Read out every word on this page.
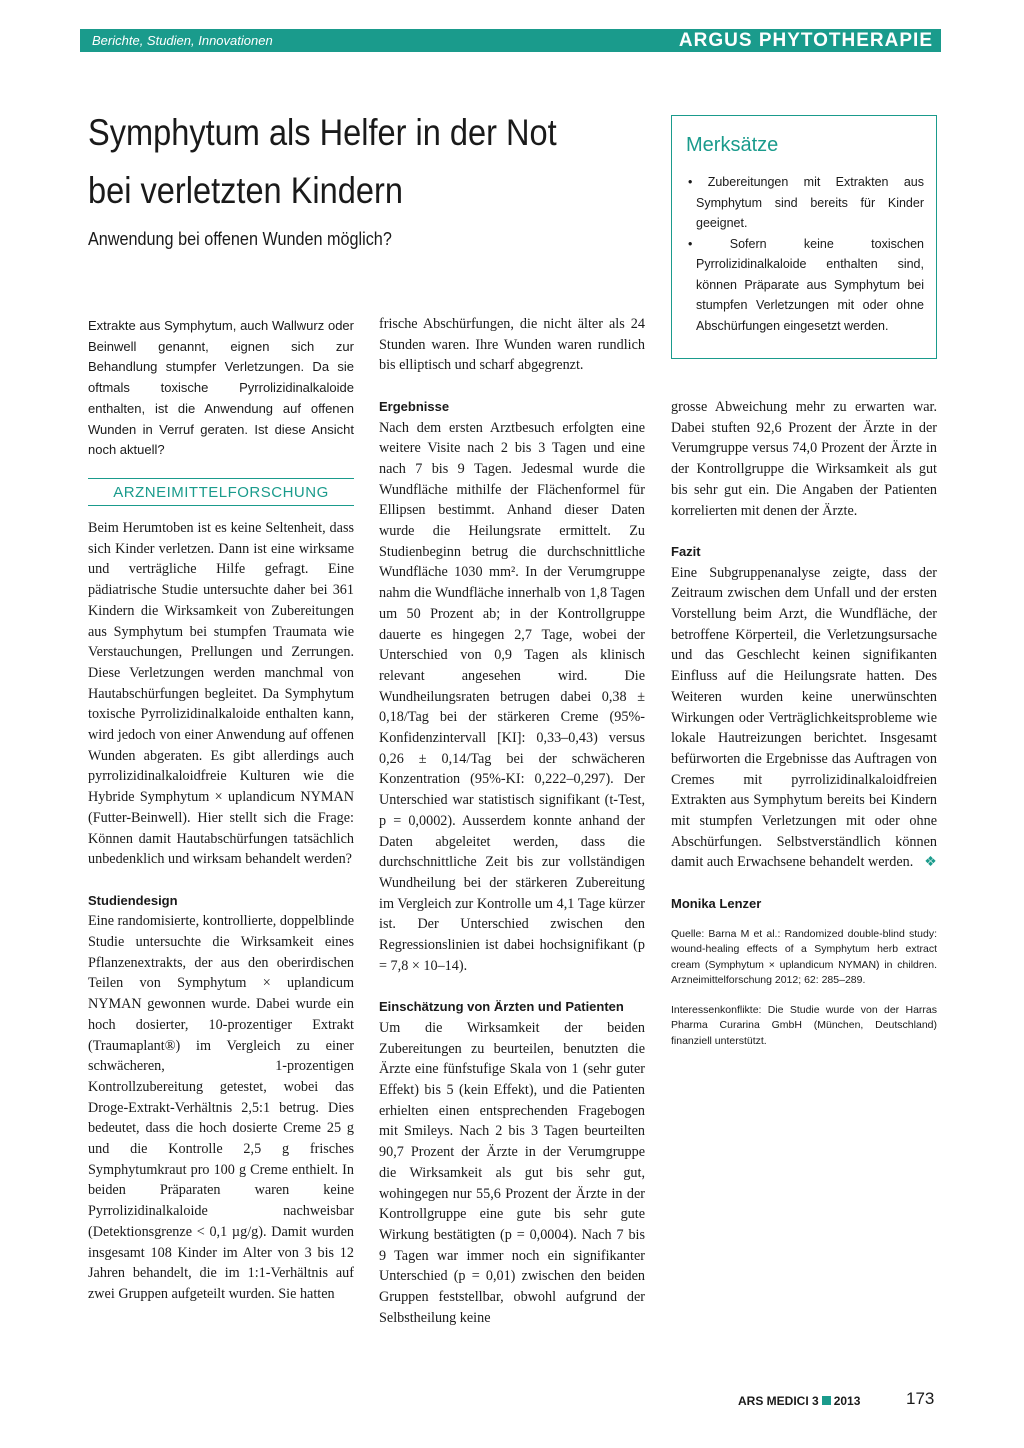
Berichte, Studien, Innovationen	ARGUS PHYTOTHERAPIE
Symphytum als Helfer in der Not
bei verletzten Kindern
Anwendung bei offenen Wunden möglich?
Merksätze
• Zubereitungen mit Extrakten aus Symphytum sind bereits für Kinder geeignet.
• Sofern keine toxischen Pyrrolizidinalkaloide enthalten sind, können Präparate aus Symphytum bei stumpfen Verletzungen mit oder ohne Abschürfungen eingesetzt werden.

Extrakte aus Symphytum, auch Wallwurz oder Beinwell genannt, eignen sich zur Behandlung stumpfer Verletzungen. Da sie oftmals toxische Pyrrolizidinalkaloide enthalten, ist die Anwendung auf offenen Wunden in Verruf geraten. Ist diese Ansicht noch aktuell?

ARZNEIMITTELFORSCHUNG

Beim Herumtoben ist es keine Seltenheit, dass sich Kinder verletzen. Dann ist eine wirksame und verträgliche Hilfe gefragt. Eine pädiatrische Studie untersuchte daher bei 361 Kindern die Wirksamkeit von Zubereitungen aus Symphytum bei stumpfen Traumata wie Verstauchungen, Prellungen und Zerrungen. Diese Verletzungen werden manchmal von Hautabschürfungen begleitet. Da Symphytum toxische Pyrrolizidinalkaloide enthalten kann, wird jedoch von einer Anwendung auf offenen Wunden abgeraten. Es gibt allerdings auch pyrrolizidinalkaloidfreie Kulturen wie die Hybride Symphytum × uplandicum NYMAN (Futter-Beinwell). Hier stellt sich die Frage: Können damit Hautabschürfungen tatsächlich unbedenklich und wirksam behandelt werden?

Studiendesign

Eine randomisierte, kontrollierte, doppelblinde Studie untersuchte die Wirksamkeit eines Pflanzenextrakts, der aus den oberirdischen Teilen von Symphytum × uplandicum NYMAN gewonnen wurde. Dabei wurde ein hoch dosierter, 10-prozentiger Extrakt (Traumaplant®) im Vergleich zu einer schwächeren, 1-prozentigen Kontrollzubereitung getestet, wobei das Droge-Extrakt-Verhältnis 2,5:1 betrug. Dies bedeutet, dass die hoch dosierte Creme 25 g und die Kontrolle 2,5 g frisches Symphytumkraut pro 100 g Creme enthielt. In beiden Präparaten waren keine Pyrrolizidinalkaloide nachweisbar (Detektionsgrenze < 0,1 µg/g). Damit wurden insgesamt 108 Kinder im Alter von 3 bis 12 Jahren behandelt, die im 1:1-Verhältnis auf zwei Gruppen aufgeteilt wurden. Sie hatten

frische Abschürfungen, die nicht älter als 24 Stunden waren. Ihre Wunden waren rundlich bis elliptisch und scharf abgegrenzt.

Ergebnisse

Nach dem ersten Arztbesuch erfolgten eine weitere Visite nach 2 bis 3 Tagen und eine nach 7 bis 9 Tagen. Jedesmal wurde die Wundfläche mithilfe der Flächenformel für Ellipsen bestimmt. Anhand dieser Daten wurde die Heilungsrate ermittelt. Zu Studienbeginn betrug die durchschnittliche Wundfläche 1030 mm². In der Verumgruppe nahm die Wundfläche innerhalb von 1,8 Tagen um 50 Prozent ab; in der Kontrollgruppe dauerte es hingegen 2,7 Tage, wobei der Unterschied von 0,9 Tagen als klinisch relevant angesehen wird. Die Wundheilungsraten betrugen dabei 0,38 ± 0,18/Tag bei der stärkeren Creme (95%-Konfidenzintervall [KI]: 0,33–0,43) versus 0,26 ± 0,14/Tag bei der schwächeren Konzentration (95%-KI: 0,222–0,297). Der Unterschied war statistisch signifikant (t-Test, p = 0,0002). Ausserdem konnte anhand der Daten abgeleitet werden, dass die durchschnittliche Zeit bis zur vollständigen Wundheilung bei der stärkeren Zubereitung im Vergleich zur Kontrolle um 4,1 Tage kürzer ist. Der Unterschied zwischen den Regressionslinien ist dabei hochsignifikant (p = 7,8 × 10–14).

Einschätzung von Ärzten und Patienten

Um die Wirksamkeit der beiden Zubereitungen zu beurteilen, benutzten die Ärzte eine fünfstufige Skala von 1 (sehr guter Effekt) bis 5 (kein Effekt), und die Patienten erhielten einen entsprechenden Fragebogen mit Smileys. Nach 2 bis 3 Tagen beurteilten 90,7 Prozent der Ärzte in der Verumgruppe die Wirksamkeit als gut bis sehr gut, wohingegen nur 55,6 Prozent der Ärzte in der Kontrollgruppe eine gute bis sehr gute Wirkung bestätigten (p = 0,0004). Nach 7 bis 9 Tagen war immer noch ein signifikanter Unterschied (p = 0,01) zwischen den beiden Gruppen feststellbar, obwohl aufgrund der Selbstheilung keine

grosse Abweichung mehr zu erwarten war. Dabei stuften 92,6 Prozent der Ärzte in der Verumgruppe versus 74,0 Prozent der Ärzte in der Kontrollgruppe die Wirksamkeit als gut bis sehr gut ein. Die Angaben der Patienten korrelierten mit denen der Ärzte.

Fazit

Eine Subgruppenanalyse zeigte, dass der Zeitraum zwischen dem Unfall und der ersten Vorstellung beim Arzt, die Wundfläche, der betroffene Körperteil, die Verletzungsursache und das Geschlecht keinen signifikanten Einfluss auf die Heilungsrate hatten. Des Weiteren wurden keine unerwünschten Wirkungen oder Verträglichkeitsprobleme wie lokale Hautreizungen berichtet. Insgesamt befürworten die Ergebnisse das Auftragen von Cremes mit pyrrolizidinalkaloidfreien Extrakten aus Symphytum bereits bei Kindern mit stumpfen Verletzungen mit oder ohne Abschürfungen. Selbstverständlich können damit auch Erwachsene behandelt werden. ❖

Monika Lenzer

Quelle: Barna M et al.: Randomized double-blind study: wound-healing effects of a Symphytum herb extract cream (Symphytum × uplandicum NYMAN) in children. Arzneimittelforschung 2012; 62: 285–289.

Interessenkonflikte: Die Studie wurde von der Harras Pharma Curarina GmbH (München, Deutschland) finanziell unterstützt.

ARS MEDICI 3 2013	173
